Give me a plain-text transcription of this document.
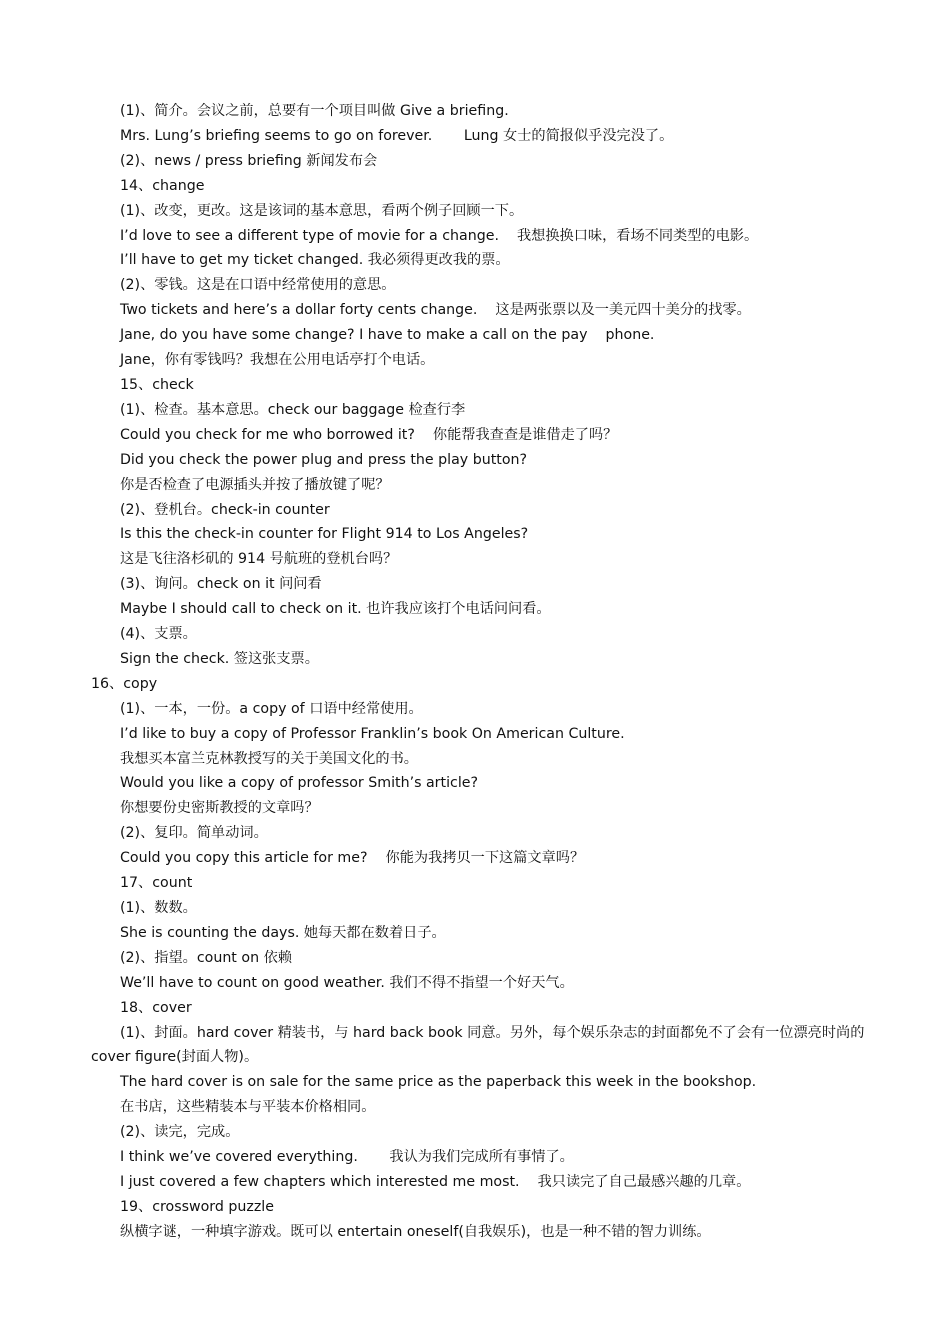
(1)、简介。会议之前，总要有一个项目叫做 Give a briefing.

Mrs. Lung’s briefing seems to go on forever.       Lung 女士的简报似乎没完没了。

(2)、news / press briefing 新闻发布会

14、change

(1)、改变，更改。这是该词的基本意思，看两个例子回顾一下。

I’d love to see a different type of movie for a change.    我想换换口味，看场不同类型的电影。

I’ll have to get my ticket changed. 我必须得更改我的票。

(2)、零钱。这是在口语中经常使用的意思。

Two tickets and here’s a dollar forty cents change.    这是两张票以及一美元四十美分的找零。

Jane, do you have some change? I have to make a call on the pay    phone.

Jane，你有零钱吗？我想在公用电话亭打个电话。

15、check

(1)、检查。基本意思。check our baggage 检查行李

Could you check for me who borrowed it?    你能帮我查查是谁借走了吗？

Did you check the power plug and press the play button?

你是否检查了电源插头并按了播放键了呢？

(2)、登机台。check-in counter

Is this the check-in counter for Flight 914 to Los Angeles?

这是飞往洛杉矶的 914 号航班的登机台吗？

(3)、询问。check on it 问问看

Maybe I should call to check on it. 也许我应该打个电话问问看。

(4)、支票。

Sign the check. 签这张支票。

16、copy

(1)、一本，一份。a copy of 口语中经常使用。

I’d like to buy a copy of Professor Franklin’s book On American Culture.

我想买本富兰克林教授写的关于美国文化的书。

Would you like a copy of professor Smith’s article?

你想要份史密斯教授的文章吗？

(2)、复印。简单动词。

Could you copy this article for me?    你能为我拷贝一下这篇文章吗？

17、count

(1)、数数。

She is counting the days. 她每天都在数着日子。

(2)、指望。count on 依赖

We’ll have to count on good weather. 我们不得不指望一个好天气。

18、cover

(1)、封面。hard cover 精装书，与 hard back book 同意。另外，每个娱乐杂志的封面都免不了会有一位漂亮时尚的

cover figure(封面人物)。

The hard cover is on sale for the same price as the paperback this week in the bookshop.

在书店，这些精装本与平装本价格相同。

(2)、读完，完成。

I think we’ve covered everything.       我认为我们完成所有事情了。

I just covered a few chapters which interested me most.    我只读完了自己最感兴趣的几章。

19、crossword puzzle

纵横字谜，一种填字游戏。既可以 entertain oneself(自我娱乐)，也是一种不错的智力训练。
